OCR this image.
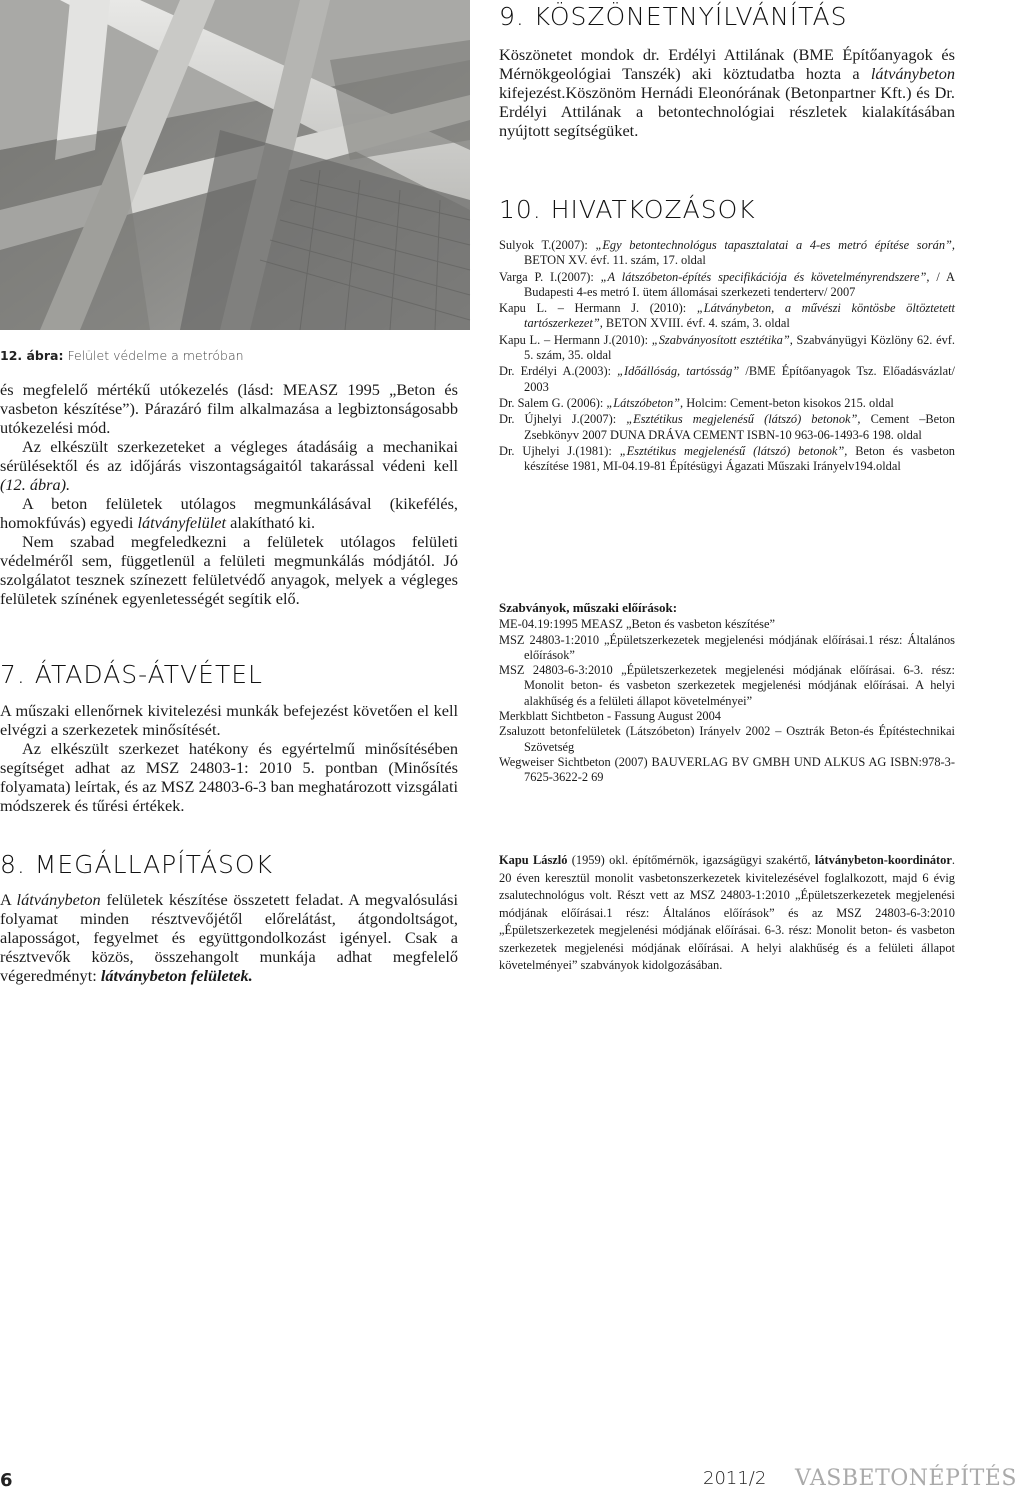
12. ábra: Felület védelme a metróban

és megfelelő mértékű utókezelés (lásd: MEASZ 1995 „Beton és vasbeton készítése”). Párazáró film alkalmazása a legbiztonságosabb utókezelési mód.

Az elkészült szerkezeteket a végleges átadásáig a mechanikai sérülésektől és az időjárás viszontagságaitól takarással védeni kell (12. ábra).

A beton felületek utólagos megmunkálásával (kikefélés, homokfúvás) egyedi látványfelület alakítható ki.

Nem szabad megfeledkezni a felületek utólagos felületi védelméről sem, függetlenül a felületi megmunkálás módjától. Jó szolgálatot tesznek színezett felületvédő anyagok, melyek a végleges felületek színének egyenletességét segítik elő.

7. ÁTADÁS-ÁTVÉTEL

A műszaki ellenőrnek kivitelezési munkák befejezést követően el kell elvégzi a szerkezetek minősítését.

Az elkészült szerkezet hatékony és egyértelmű minősítésében segítséget adhat az MSZ 24803-1: 2010 5. pontban (Minősítés folyamata) leírtak, és az MSZ 24803-6-3 ban meghatározott vizsgálati módszerek és tűrési értékek.

8. MEGÁLLAPÍTÁSOK

A látványbeton felületek készítése összetett feladat. A megvalósulási folyamat minden résztvevőjétől előrelátást, átgondoltságot, alaposságot, fegyelmet és együttgondolkozást igényel. Csak a résztvevők közös, összehangolt munkája adhat megfelelő végeredményt: látványbeton felületek.

9. KÖSZÖNETNYÍLVÁNÍTÁS

Köszönetet mondok dr. Erdélyi Attilának (BME Építőanyagok és Mérnökgeológiai Tanszék) aki köztudatba hozta a látványbeton kifejezést.Köszönöm Hernádi Eleonórának (Betonpartner Kft.) és Dr. Erdélyi Attilának a betontechnológiai részletek kialakításában nyújtott segítségüket.

10. HIVATKOZÁSOK

Sulyok T.(2007): „Egy betontechnológus tapasztalatai a 4-es metró építése során”, BETON XV. évf. 11. szám, 17. oldal

Varga P. I.(2007): „A látszóbeton-építés specifikációja és követelményrendszere”, / A Budapesti 4-es metró I. ütem állomásai szerkezeti tenderterv/ 2007

Kapu L. – Hermann J. (2010): „Látványbeton, a művészi köntösbe öltöztetett tartószerkezet”, BETON XVIII. évf. 4. szám, 3. oldal

Kapu L. – Hermann J.(2010): „Szabványosított esztétika”, Szabványügyi Közlöny 62. évf. 5. szám, 35. oldal

Dr. Erdélyi A.(2003): „Időállóság, tartósság” /BME Építőanyagok Tsz. Előadásvázlat/ 2003

Dr. Salem G. (2006): „Látszóbeton”, Holcim: Cement-beton kisokos 215. oldal

Dr. Újhelyi J.(2007): „Esztétikus megjelenésű (látszó) betonok”, Cement –Beton Zsebkönyv 2007 DUNA DRÁVA CEMENT ISBN-10 963-06-1493-6 198. oldal

Dr. Ujhelyi J.(1981): „Esztétikus megjelenésű (látszó) betonok”, Beton és vasbeton készítése 1981, MI-04.19-81 Építésügyi Ágazati Műszaki Irányelv194.oldal

Szabványok, műszaki előírások:

ME-04.19:1995 MEASZ „Beton és vasbeton készítése”

MSZ 24803-1:2010 „Épületszerkezetek megjelenési módjának előírásai.1 rész: Általános előírások”

MSZ 24803-6-3:2010 „Épületszerkezetek megjelenési módjának előírásai. 6-3. rész: Monolit beton- és vasbeton szerkezetek megjelenési módjának előírásai. A helyi alakhűség és a felületi állapot követelményei”

Merkblatt Sichtbeton - Fassung August 2004

Zsaluzott betonfelületek (Látszóbeton) Irányelv 2002 – Osztrák Beton-és Építéstechnikai Szövetség

Wegweiser Sichtbeton (2007) BAUVERLAG BV GMBH UND ALKUS AG ISBN:978-3-7625-3622-2 69

Kapu László (1959) okl. építőmérnök, igazságügyi szakértő, látványbeton-koordinátor. 20 éven keresztül monolit vasbetonszerkezetek kivitelezésével foglalkozott, majd 6 évig zsalutechnológus volt. Részt vett az MSZ 24803-1:2010 „Épületszerkezetek megjelenési módjának előírásai.1 rész: Általános előírások” és az MSZ 24803-6-3:2010 „Épületszerkezetek megjelenési módjának előírásai. 6-3. rész: Monolit beton- és vasbeton szerkezetek megjelenési módjának előírásai. A helyi alakhűség és a felületi állapot követelményei” szabványok kidolgozásában.
6	2011/2 VASBETONÉPÍTÉS
